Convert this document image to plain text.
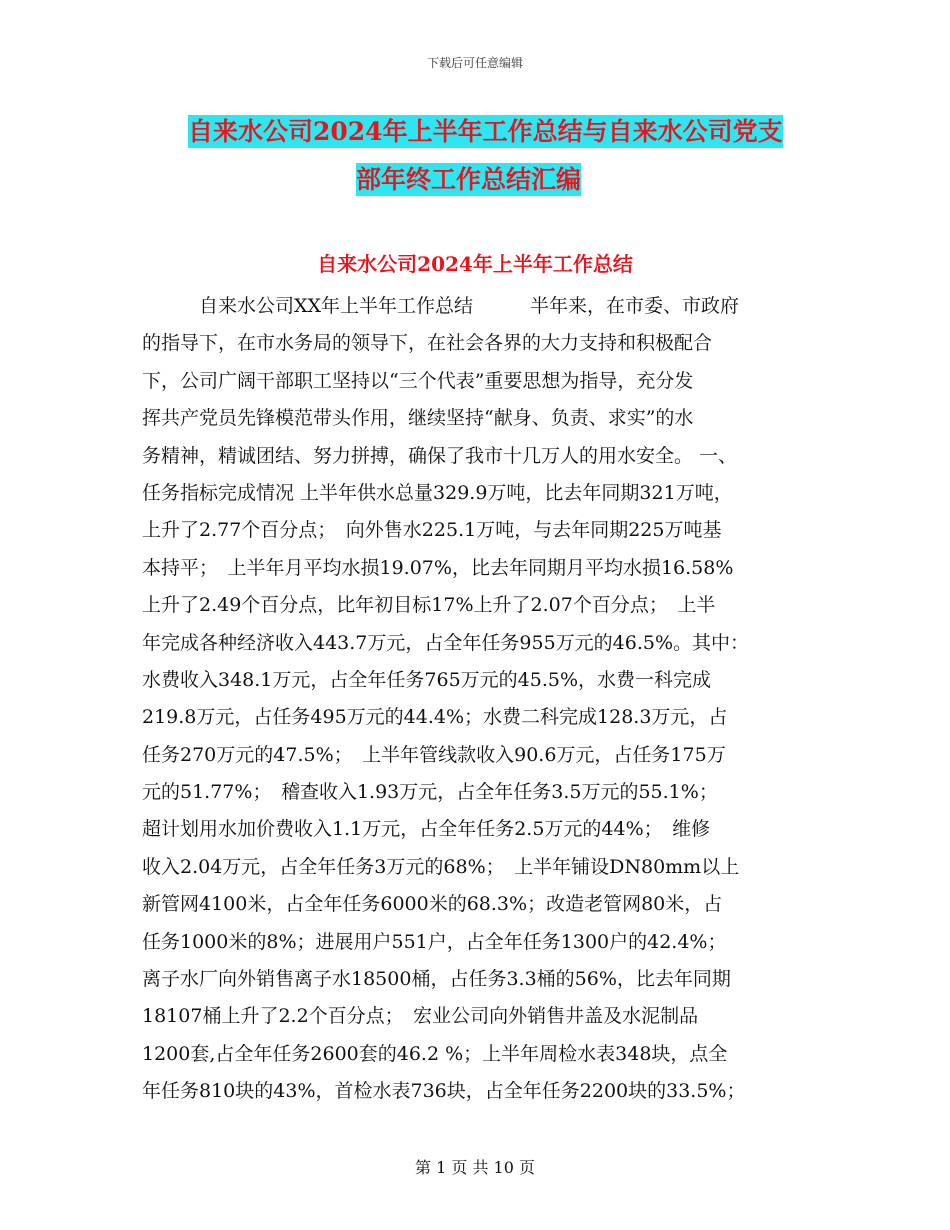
下载后可任意编辑
自来水公司2024年上半年工作总结与自来水公司党支
部年终工作总结汇编
自来水公司2024年上半年工作总结
　　　自来水公司XX年上半年工作总结　　　半年来，在市委、市政府
的指导下，在市水务局的领导下，在社会各界的大力支持和积极配合
下，公司广阔干部职工坚持以“三个代表”重要思想为指导，充分发
挥共产党员先锋模范带头作用，继续坚持“献身、负责、求实”的水
务精神，精诚团结、努力拼搏，确保了我市十几万人的用水安全。 一、
任务指标完成情况 上半年供水总量329.9万吨，比去年同期321万吨，
上升了2.77个百分点；　向外售水225.1万吨，与去年同期225万吨基
本持平；　上半年月平均水损19.07%，比去年同期月平均水损16.58%
上升了2.49个百分点，比年初目标17%上升了2.07个百分点；　上半
年完成各种经济收入443.7万元，占全年任务955万元的46.5%。其中：
水费收入348.1万元，占全年任务765万元的45.5%，水费一科完成
219.8万元，占任务495万元的44.4%；水费二科完成128.3万元，占
任务270万元的47.5%；　上半年管线款收入90.6万元，占任务175万
元的51.77%；　稽查收入1.93万元，占全年任务3.5万元的55.1%；
超计划用水加价费收入1.1万元，占全年任务2.5万元的44%；　维修
收入2.04万元，占全年任务3万元的68%；　上半年铺设DN80mm以上
新管网4100米，占全年任务6000米的68.3%；改造老管网80米，占
任务1000米的8%；进展用户551户，占全年任务1300户的42.4%；
离子水厂向外销售离子水18500桶，占任务3.3桶的56%，比去年同期
18107桶上升了2.2个百分点；　宏业公司向外销售井盖及水泥制品
1200套,占全年任务2600套的46.2 %；上半年周检水表348块，点全
年任务810块的43%，首检水表736块，占全年任务2200块的33.5%；
第 1 页 共 10 页
